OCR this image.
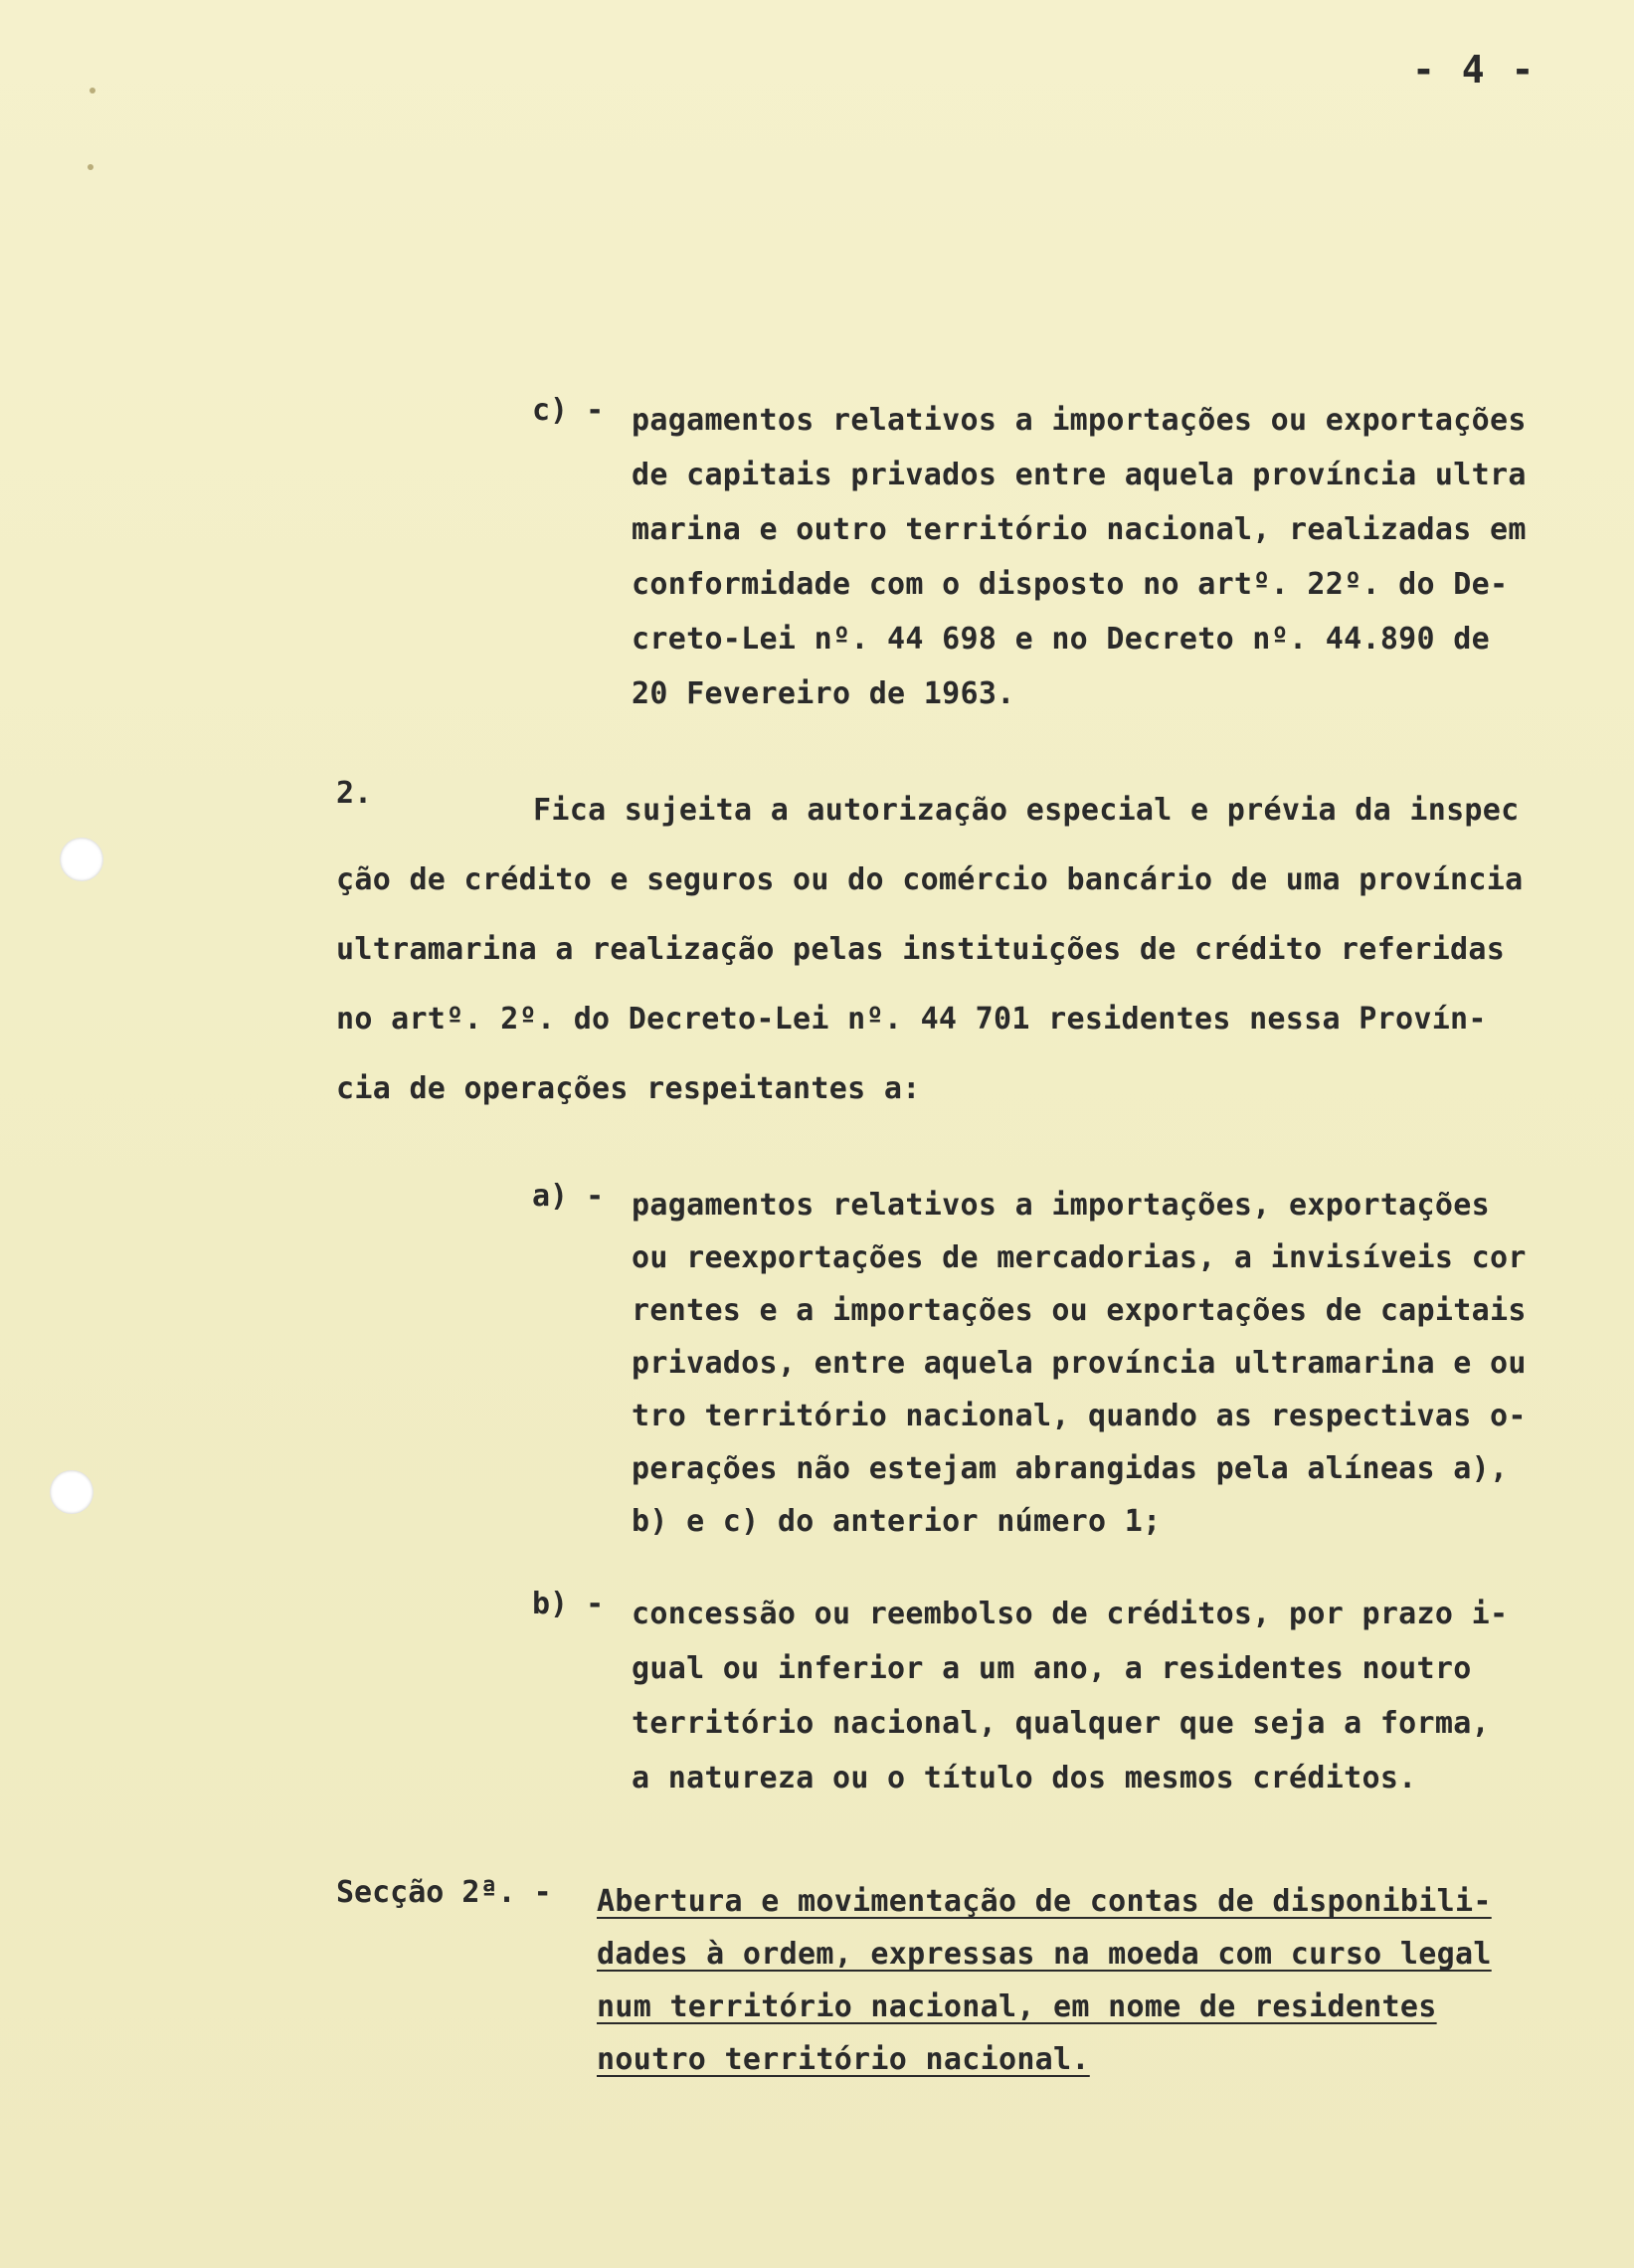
- 4 -
c) - pagamentos relativos a importações ou exportações
de capitais privados entre aquela província ultra
marina e outro território nacional, realizadas em
conformidade com o disposto no artº. 22º. do De-
creto-Lei nº. 44 698 e no Decreto nº. 44.890 de
20 Fevereiro de 1963.
2.	Fica sujeita a autorização especial e prévia da inspec
ção de crédito e seguros ou do comércio bancário de uma província
ultramarina a realização pelas instituições de crédito referidas
no artº. 2º. do Decreto-Lei nº. 44 701 residentes nessa Provín-
cia de operações respeitantes a:
a) - pagamentos relativos a importações, exportações
ou reexportações de mercadorias, a invisíveis cor
rentes e a importações ou exportações de capitais
privados, entre aquela província ultramarina e ou
tro território nacional, quando as respectivas o-
perações não estejam abrangidas pela alíneas a),
b) e c) do anterior número 1;
b) - concessão ou reembolso de créditos, por prazo i-
gual ou inferior a um ano, a residentes noutro
território nacional, qualquer que seja a forma,
a natureza ou o título dos mesmos créditos.
Secção 2ª. - Abertura e movimentação de contas de disponibili-
dades à ordem, expressas na moeda com curso legal
num território nacional, em nome de residentes
noutro território nacional.
